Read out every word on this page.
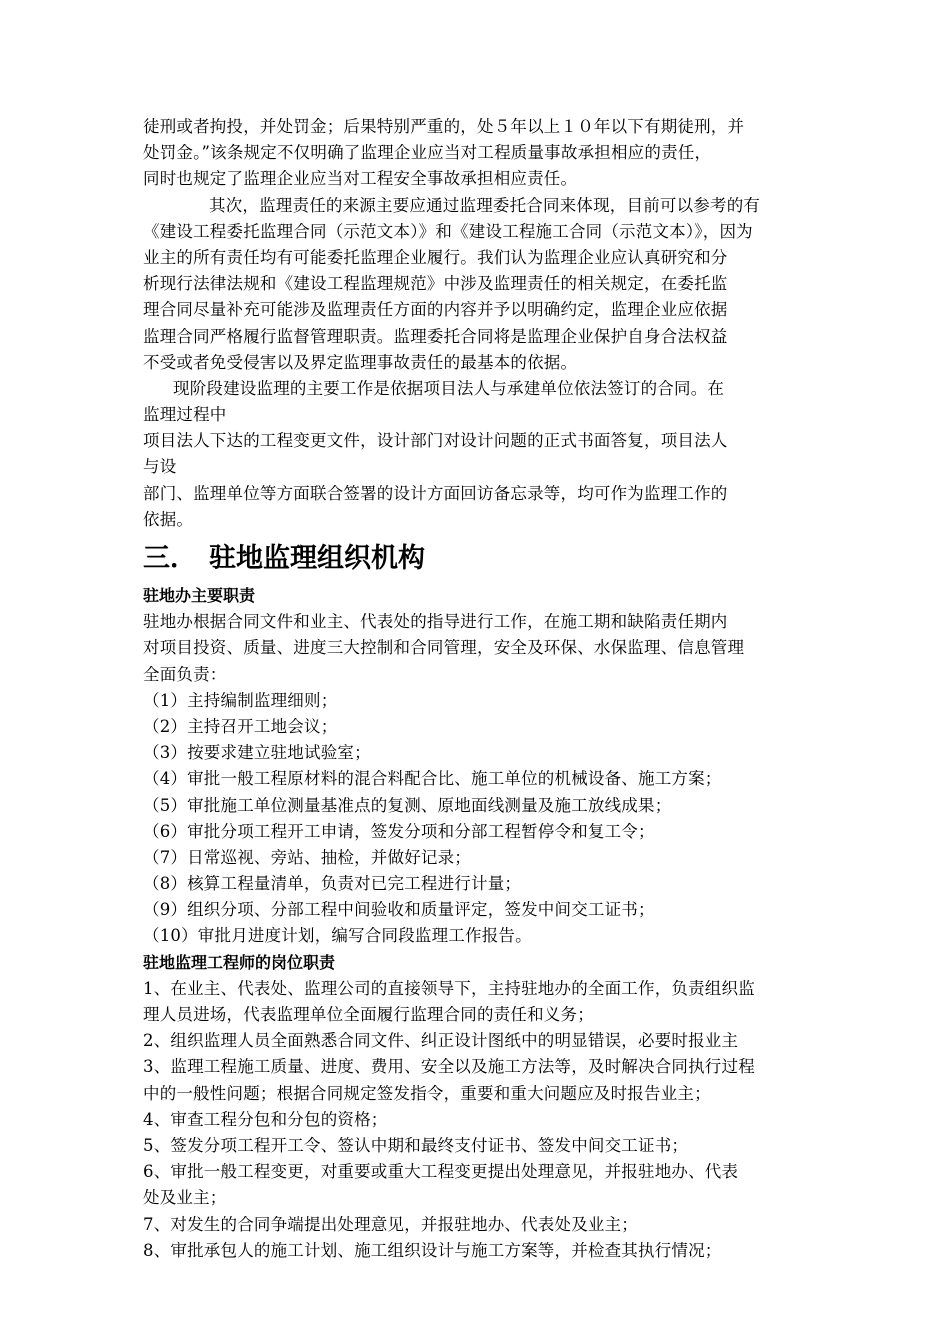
徒刑或者拘投，并处罚金；后果特别严重的，处５年以上１０年以下有期徒刑，并
处罚金。”该条规定不仅明确了监理企业应当对工程质量事故承担相应的责任，
同时也规定了监理企业应当对工程安全事故承担相应责任。
其次，监理责任的来源主要应通过监理委托合同来体现，目前可以参考的有
《建设工程委托监理合同（示范文本）》和《建设工程施工合同（示范文本）》，因为
业主的所有责任均有可能委托监理企业履行。我们认为监理企业应认真研究和分
析现行法律法规和《建设工程监理规范》中涉及监理责任的相关规定，在委托监
理合同尽量补充可能涉及监理责任方面的内容并予以明确约定，监理企业应依据
监理合同严格履行监督管理职责。监理委托合同将是监理企业保护自身合法权益
不受或者免受侵害以及界定监理事故责任的最基本的依据。
现阶段建设监理的主要工作是依据项目法人与承建单位依法签订的合同。在
监理过程中
项目法人下达的工程变更文件，设计部门对设计问题的正式书面答复，项目法人
与设
部门、监理单位等方面联合签署的设计方面回访备忘录等，均可作为监理工作的
依据。
三． 驻地监理组织机构
驻地办主要职责
驻地办根据合同文件和业主、代表处的指导进行工作，在施工期和缺陷责任期内
对项目投资、质量、进度三大控制和合同管理，安全及环保、水保监理、信息管理
全面负责：
（1）主持编制监理细则；
（2）主持召开工地会议；
（3）按要求建立驻地试验室；
（4）审批一般工程原材料的混合料配合比、施工单位的机械设备、施工方案；
（5）审批施工单位测量基准点的复测、原地面线测量及施工放线成果；
（6）审批分项工程开工申请，签发分项和分部工程暂停令和复工令；
（7）日常巡视、旁站、抽检，并做好记录；
（8）核算工程量清单，负责对已完工程进行计量；
（9）组织分项、分部工程中间验收和质量评定，签发中间交工证书；
（10）审批月进度计划，编写合同段监理工作报告。
驻地监理工程师的岗位职责
1、在业主、代表处、监理公司的直接领导下，主持驻地办的全面工作，负责组织监
理人员进场，代表监理单位全面履行监理合同的责任和义务；
2、组织监理人员全面熟悉合同文件、纠正设计图纸中的明显错误，必要时报业主
3、监理工程施工质量、进度、费用、安全以及施工方法等，及时解决合同执行过程
中的一般性问题；根据合同规定签发指令，重要和重大问题应及时报告业主；
4、审查工程分包和分包的资格；
5、签发分项工程开工令、签认中期和最终支付证书、签发中间交工证书；
6、审批一般工程变更，对重要或重大工程变更提出处理意见，并报驻地办、代表
处及业主；
7、对发生的合同争端提出处理意见，并报驻地办、代表处及业主；
8、审批承包人的施工计划、施工组织设计与施工方案等，并检查其执行情况；
